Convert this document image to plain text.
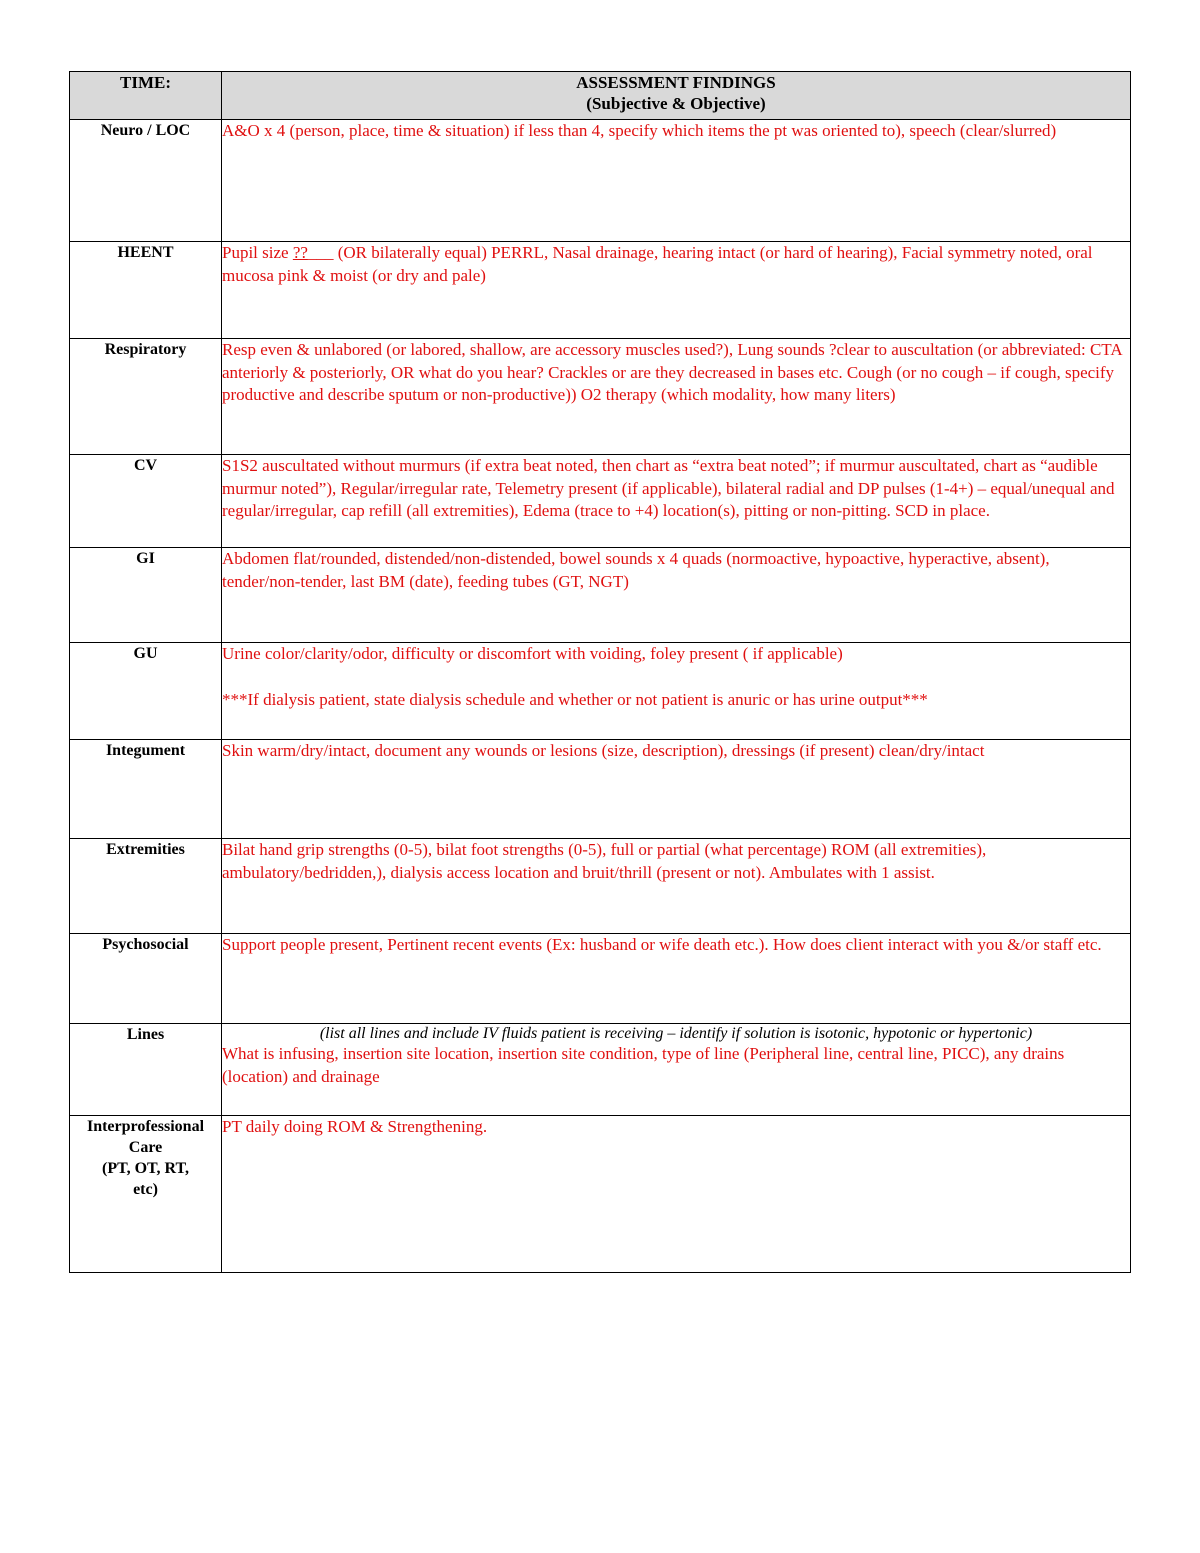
TIME:	ASSESSMENT FINDINGS
(Subjective & Objective)

Neuro / LOC	A&O x 4 (person, place, time & situation) if less than 4, specify which items the pt was oriented to), speech (clear/slurred)

HEENT	Pupil size ??___ (OR bilaterally equal) PERRL, Nasal drainage, hearing intact (or hard of hearing), Facial symmetry noted, oral mucosa pink & moist (or dry and pale)

Respiratory	Resp even & unlabored (or labored, shallow, are accessory muscles used?), Lung sounds ?clear to auscultation (or abbreviated: CTA anteriorly & posteriorly, OR what do you hear? Crackles or are they decreased in bases etc. Cough (or no cough – if cough, specify productive and describe sputum or non-productive)) O2 therapy (which modality, how many liters)

CV	S1S2 auscultated without murmurs (if extra beat noted, then chart as “extra beat noted”; if murmur auscultated, chart as “audible murmur noted”), Regular/irregular rate, Telemetry present (if applicable), bilateral radial and DP pulses (1-4+) – equal/unequal and regular/irregular, cap refill (all extremities), Edema (trace to +4) location(s), pitting or non-pitting. SCD in place.

GI	Abdomen flat/rounded, distended/non-distended, bowel sounds x 4 quads (normoactive, hypoactive, hyperactive, absent), tender/non-tender, last BM (date), feeding tubes (GT, NGT)

GU	Urine color/clarity/odor, difficulty or discomfort with voiding, foley present ( if applicable)

***If dialysis patient, state dialysis schedule and whether or not patient is anuric or has urine output***

Integument	Skin warm/dry/intact, document any wounds or lesions (size, description), dressings (if present) clean/dry/intact

Extremities	Bilat hand grip strengths (0-5), bilat foot strengths (0-5), full or partial (what percentage) ROM (all extremities), ambulatory/bedridden,), dialysis access location and bruit/thrill (present or not). Ambulates with 1 assist.

Psychosocial	Support people present, Pertinent recent events (Ex: husband or wife death etc.). How does client interact with you &/or staff etc.

Lines	(list all lines and include IV fluids patient is receiving – identify if solution is isotonic, hypotonic or hypertonic)

What is infusing, insertion site location, insertion site condition, type of line (Peripheral line, central line, PICC), any drains (location) and drainage

Interprofessional
Care
(PT, OT, RT,
etc)	PT daily doing ROM & Strengthening.
